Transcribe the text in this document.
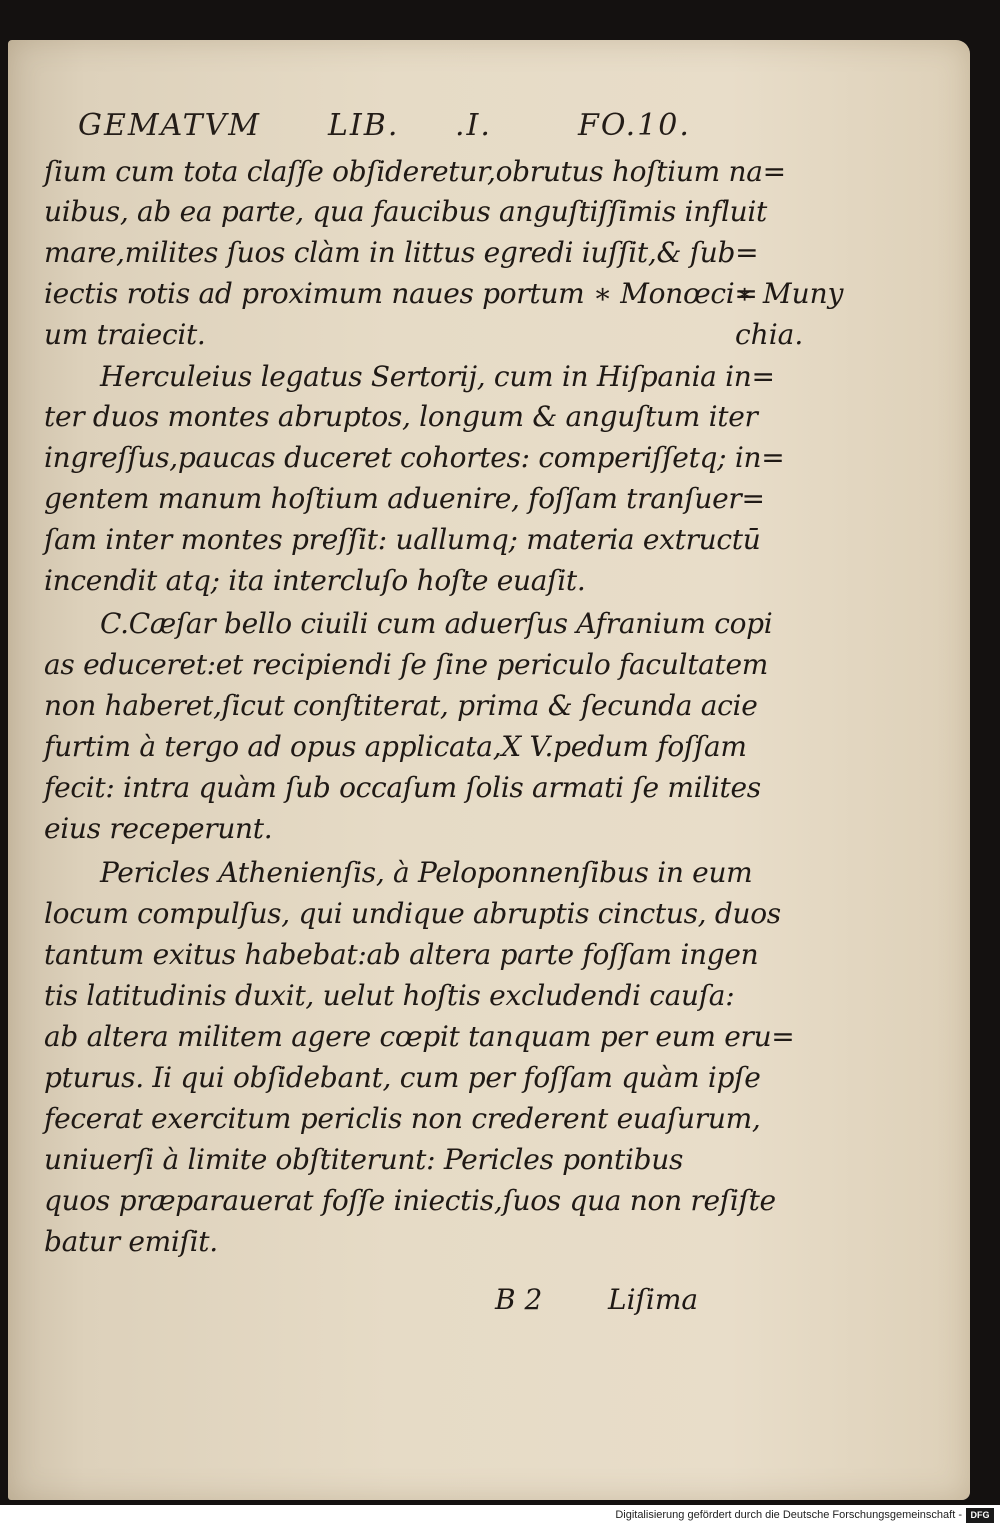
GEMATVM LIB. .I.	FO.10.
ſium cum tota claſſe obſideretur,obrutus hoſtium na=
uibus, ab ea parte, qua faucibus anguſtiſſimis influit
mare,milites ſuos clàm in littus egredi iuſſit,& ſub=
iectis rotis ad proximum naues portum ∗ Monœci=
um traiecit.
Herculeius legatus Sertorij, cum in Hiſpania in=
ter duos montes abruptos, longum & anguſtum iter
ingreſſus,paucas duceret cohortes: comperiſſetq; in=
gentem manum hoſtium aduenire, foſſam tranſuer=
ſam inter montes preſſit: uallumq; materia extructū
incendit atq; ita intercluſo hoſte euaſit.
C.Cæſar bello ciuili cum aduerſus Afranium copi
as educeret:et recipiendi ſe ſine periculo facultatem
non haberet,ſicut conſtiterat, prima & ſecunda acie
furtim à tergo ad opus applicata,X V.pedum foſſam
fecit: intra quàm ſub occaſum ſolis armati ſe milites
eius receperunt.
Pericles Athenienſis, à Peloponnenſibus in eum
locum compulſus, qui undique abruptis cinctus, duos
tantum exitus habebat:ab altera parte foſſam ingen
tis latitudinis duxit, uelut hoſtis excludendi cauſa:
ab altera militem agere cœpit tanquam per eum eru=
pturus. Ii qui obſidebant, cum per foſſam quàm ipſe
fecerat exercitum periclis non crederent euaſurum,
uniuerſi à limite obſtiterunt: Pericles pontibus
quos præparauerat foſſe iniectis,ſuos qua non reſiſte
batur emiſit.
∗ Muny
chia.
B 2 Liſima
Digitalisierung gefördert durch die Deutsche Forschungsgemeinschaft - DFG
